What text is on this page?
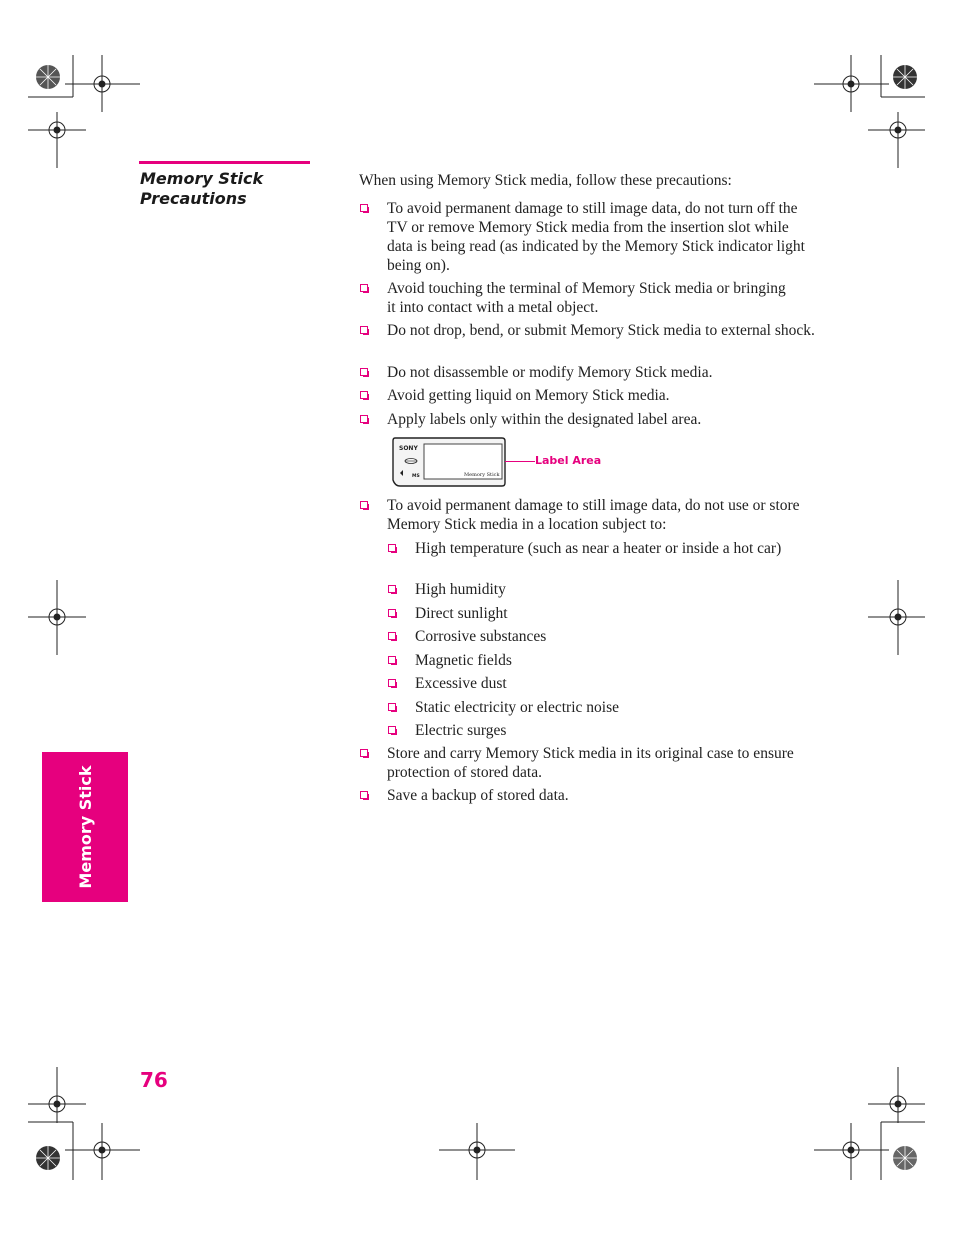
Memory Stick
Precautions
When using Memory Stick media, follow these precautions:
To avoid permanent damage to still image data, do not turn off the TV or remove Memory Stick media from the insertion slot while data is being read (as indicated by the Memory Stick indicator light being on).
Avoid touching the terminal of Memory Stick media or bringing it into contact with a metal object.
Do not drop, bend, or submit Memory Stick media to external shock.
Do not disassemble or modify Memory Stick media.
Avoid getting liquid on Memory Stick media.
Apply labels only within the designated label area.
SONY
MS	Memory Stick
Label Area
To avoid permanent damage to still image data, do not use or store Memory Stick media in a location subject to:
High temperature (such as near a heater or inside a hot car)
High humidity
Direct sunlight
Corrosive substances
Magnetic fields
Excessive dust
Static electricity or electric noise
Electric surges
Store and carry Memory Stick media in its original case to ensure protection of stored data.
Save a backup of stored data.
Memory Stick
76
